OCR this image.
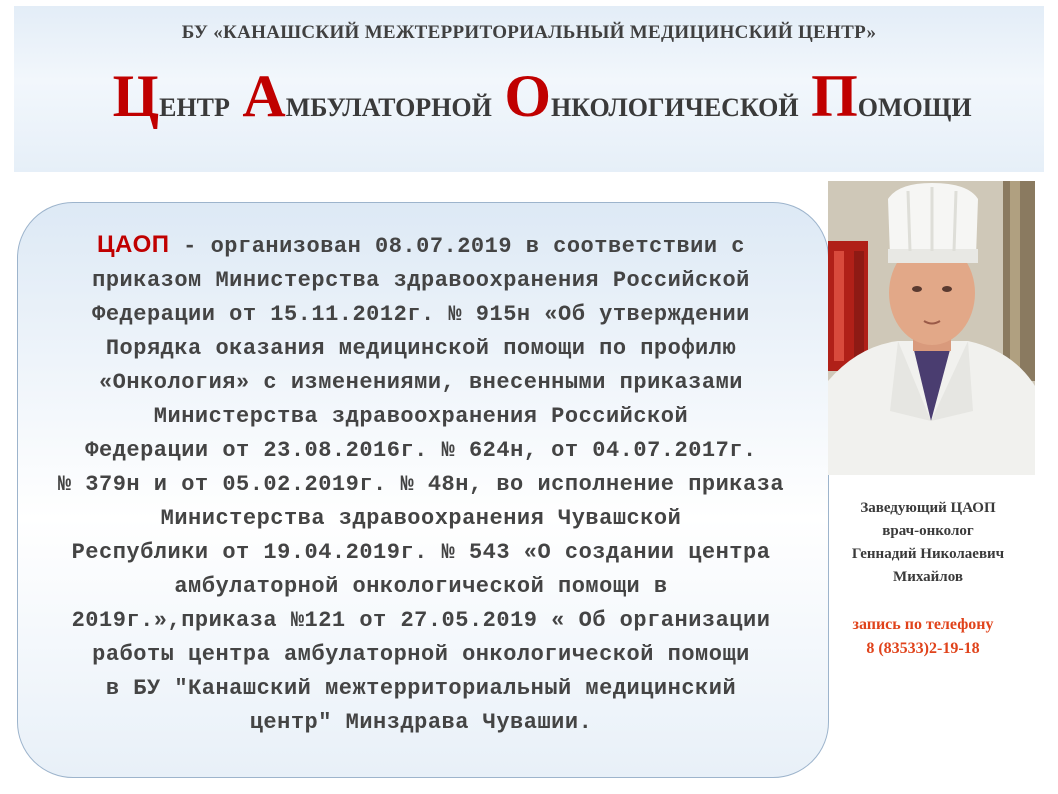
БУ «КАНАШСКИЙ МЕЖТЕРРИТОРИАЛЬНЫЙ МЕДИЦИНСКИЙ ЦЕНТР»
ЦЕНТР АМБУЛАТОРНОЙ ОНКОЛОГИЧЕСКОЙ ПОМОЩИ
ЦАОП - организован 08.07.2019 в соответствии с
приказом Министерства здравоохранения Российской
Федерации от 15.11.2012г. № 915н «Об утверждении
Порядка оказания медицинской помощи по профилю
«Онкология» с изменениями, внесенными приказами
Министерства здравоохранения Российской
Федерации от 23.08.2016г. № 624н, от 04.07.2017г.
№ 379н и от 05.02.2019г. № 48н, во исполнение приказа
Министерства здравоохранения Чувашской
Республики от 19.04.2019г. № 543 «О создании центра
амбулаторной онкологической помощи в
2019г.»,приказа №121 от 27.05.2019 « Об организации
работы центра амбулаторной онкологической помощи
в БУ "Канашский межтерриториальный медицинский
центр" Минздрава Чувашии.
Заведующий ЦАОП
врач-онколог
Геннадий Николаевич
Михайлов
запись по телефону
8 (83533)2-19-18
